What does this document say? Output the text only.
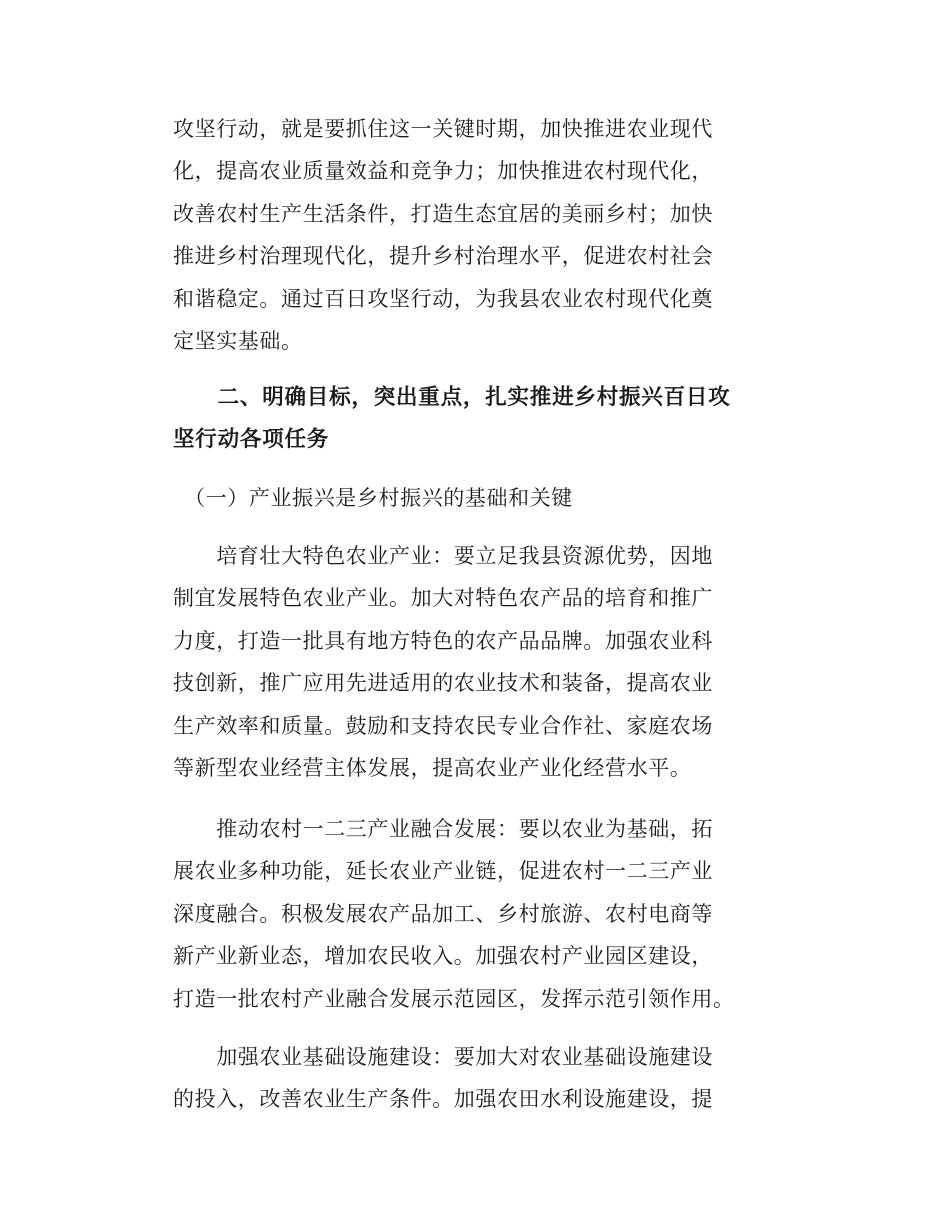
攻坚行动，就是要抓住这一关键时期，加快推进农业现代
化，提高农业质量效益和竞争力；加快推进农村现代化，
改善农村生产生活条件，打造生态宜居的美丽乡村；加快
推进乡村治理现代化，提升乡村治理水平，促进农村社会
和谐稳定。通过百日攻坚行动，为我县农业农村现代化奠
定坚实基础。

　　二、明确目标，突出重点，扎实推进乡村振兴百日攻
坚行动各项任务

　（一）产业振兴是乡村振兴的基础和关键

　　培育壮大特色农业产业：要立足我县资源优势，因地
制宜发展特色农业产业。加大对特色农产品的培育和推广
力度，打造一批具有地方特色的农产品品牌。加强农业科
技创新，推广应用先进适用的农业技术和装备，提高农业
生产效率和质量。鼓励和支持农民专业合作社、家庭农场
等新型农业经营主体发展，提高农业产业化经营水平。

　　推动农村一二三产业融合发展：要以农业为基础，拓
展农业多种功能，延长农业产业链，促进农村一二三产业
深度融合。积极发展农产品加工、乡村旅游、农村电商等
新产业新业态，增加农民收入。加强农村产业园区建设，
打造一批农村产业融合发展示范园区，发挥示范引领作用。

　　加强农业基础设施建设：要加大对农业基础设施建设
的投入，改善农业生产条件。加强农田水利设施建设，提
